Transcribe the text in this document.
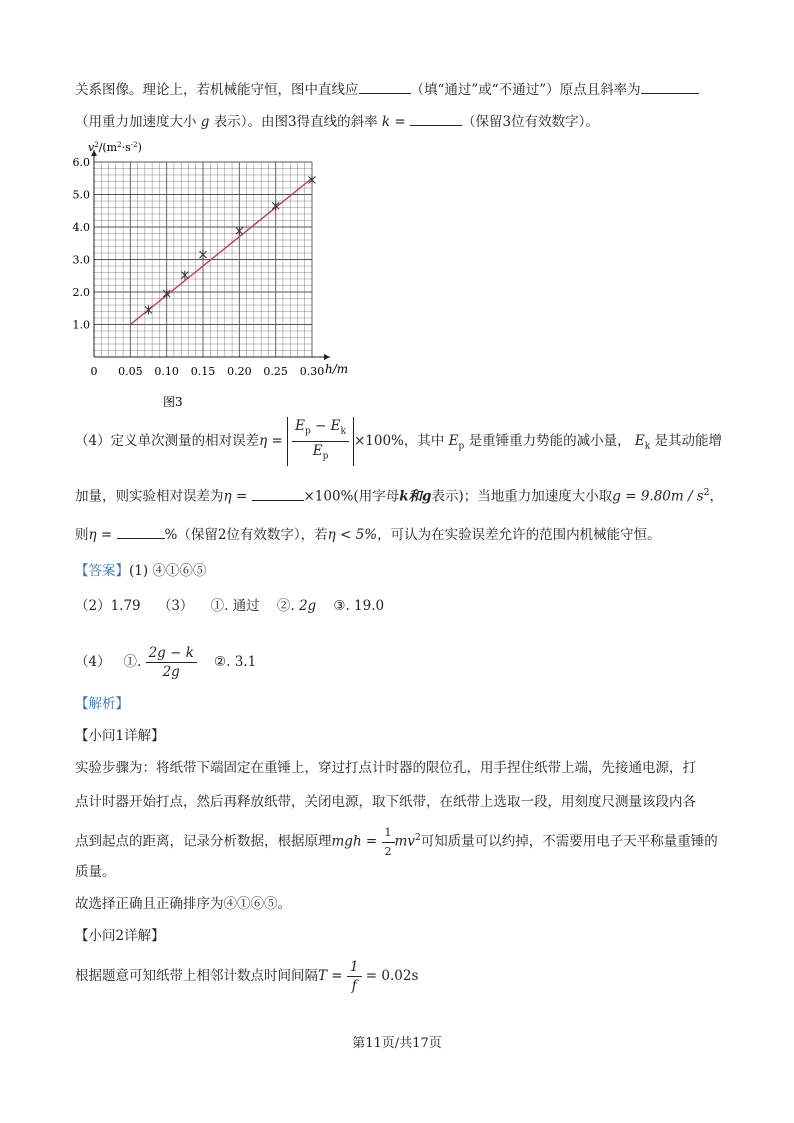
关系图像。理论上，若机械能守恒，图中直线应	（填“通过”或“不通过”）原点且斜率为
（用重力加速度大小 g 表示）。由图3得直线的斜率 k =	（保留3位有效数字）。
0 0.05 0.10 0.15 0.20 0.25 0.30
1.0
2.0
3.0
4.0
5.0
6.0
$v^2/(m^2\cdot s^{-2})$
h/m
图3
（4）定义单次测量的相对误差$\eta = \frac{E_p - E_k}{E_p} \times 100\%$，其中 $E_p$ 是重锤重力势能的减小量， $E_k$ 是其动能增
加量，则实验相对误差为η =	×100%(用字母k和g表示)；当地重力加速度大小取$g = 9.80m / s^2$，
则η =	%（保留2位有效数字），若η < 5%，可认为在实验误差允许的范围内机械能守恒。
【答案】(1) ④①⑥⑤
（2）1.79 （3） ①. 通过 ②. 2g ③. 19.0
（4） ①. $\frac{2g - k}{2g}$ ②. 3.1
【解析】
【小问1详解】
实验步骤为：将纸带下端固定在重锤上，穿过打点计时器的限位孔，用手捏住纸带上端，先接通电源，打
点计时器开始打点，然后再释放纸带，关闭电源，取下纸带，在纸带上选取一段，用刻度尺测量该段内各
点到起点的距离，记录分析数据，根据原理mgh = $\frac{1}{2} mv^2$可知质量可以约掉，不需要用电子天平称量重锤的
质量。
故选择正确且正确排序为④①⑥⑤。
【小问2详解】
根据题意可知纸带上相邻计数点时间间隔$T = \frac{1}{f} = 0.02s$
第11页/共17页
